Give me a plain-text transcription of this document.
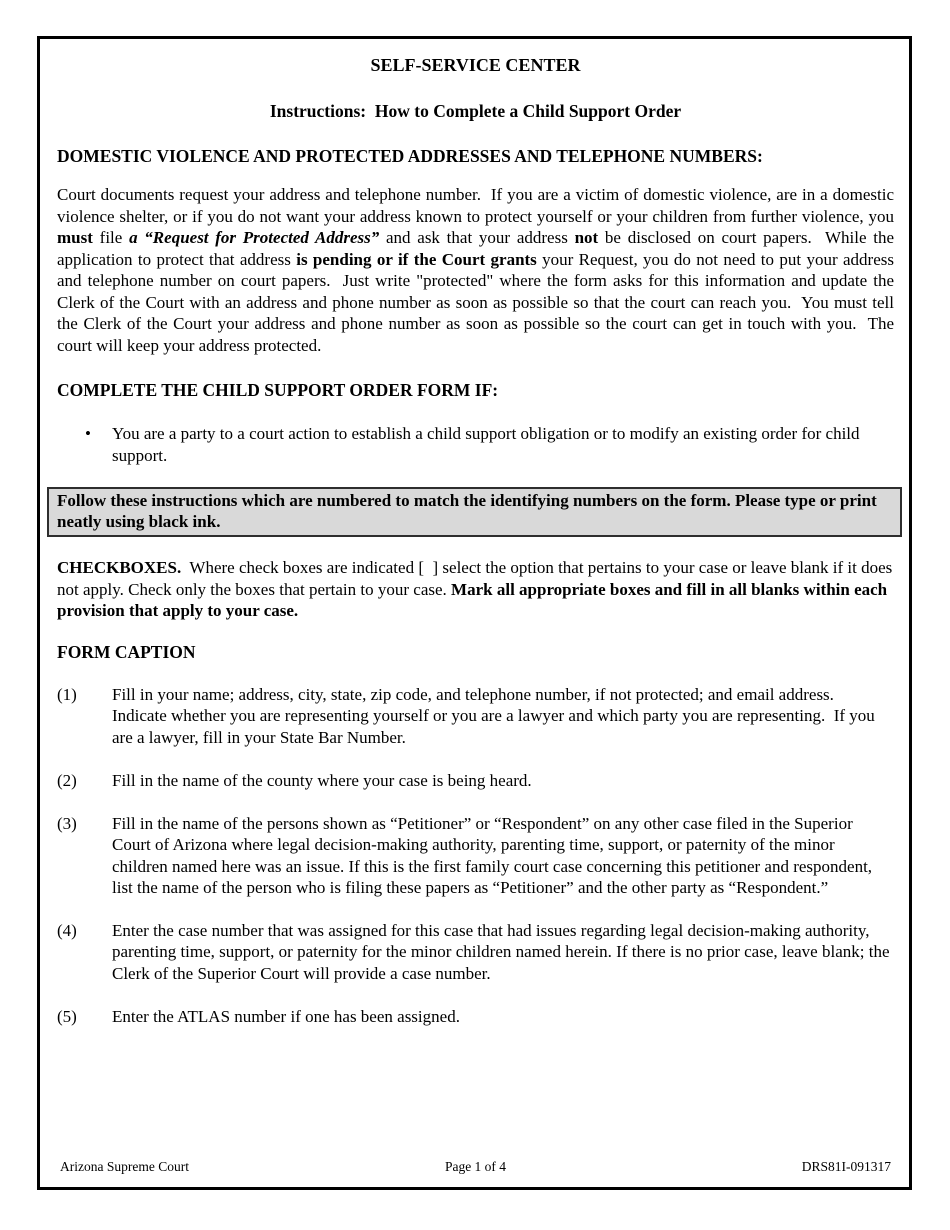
SELF-SERVICE CENTER
Instructions:  How to Complete a Child Support Order
DOMESTIC VIOLENCE AND PROTECTED ADDRESSES AND TELEPHONE NUMBERS:

Court documents request your address and telephone number.  If you are a victim of domestic violence, are in a domestic violence shelter, or if you do not want your address known to protect yourself or your children from further violence, you must file a “Request for Protected Address” and ask that your address not be disclosed on court papers.  While the application to protect that address is pending or if the Court grants your Request, you do not need to put your address and telephone number on court papers.  Just write "protected" where the form asks for this information and update the Clerk of the Court with an address and phone number as soon as possible so that the court can reach you.  You must tell the Clerk of the Court your address and phone number as soon as possible so the court can get in touch with you.  The court will keep your address protected.

COMPLETE THE CHILD SUPPORT ORDER FORM IF:
•	You are a party to a court action to establish a child support obligation or to modify an existing order for child support.
Follow these instructions which are numbered to match the identifying numbers on the form. Please type or print neatly using black ink.

CHECKBOXES.  Where check boxes are indicated [  ] select the option that pertains to your case or leave blank if it does not apply. Check only the boxes that pertain to your case. Mark all appropriate boxes and fill in all blanks within each provision that apply to your case.

FORM CAPTION
(1)	Fill in your name; address, city, state, zip code, and telephone number, if not protected; and email address.  Indicate whether you are representing yourself or you are a lawyer and which party you are representing.  If you are a lawyer, fill in your State Bar Number.
(2)	Fill in the name of the county where your case is being heard.
(3)	Fill in the name of the persons shown as “Petitioner” or “Respondent” on any other case filed in the Superior Court of Arizona where legal decision-making authority, parenting time, support, or paternity of the minor children named here was an issue. If this is the first family court case concerning this petitioner and respondent, list the name of the person who is filing these papers as “Petitioner” and the other party as “Respondent.”
(4)	Enter the case number that was assigned for this case that had issues regarding legal decision-making authority, parenting time, support, or paternity for the minor children named herein. If there is no prior case, leave blank; the Clerk of the Superior Court will provide a case number.
(5)	Enter the ATLAS number if one has been assigned.
Arizona Supreme Court	Page 1 of 4	DRS81I-091317
